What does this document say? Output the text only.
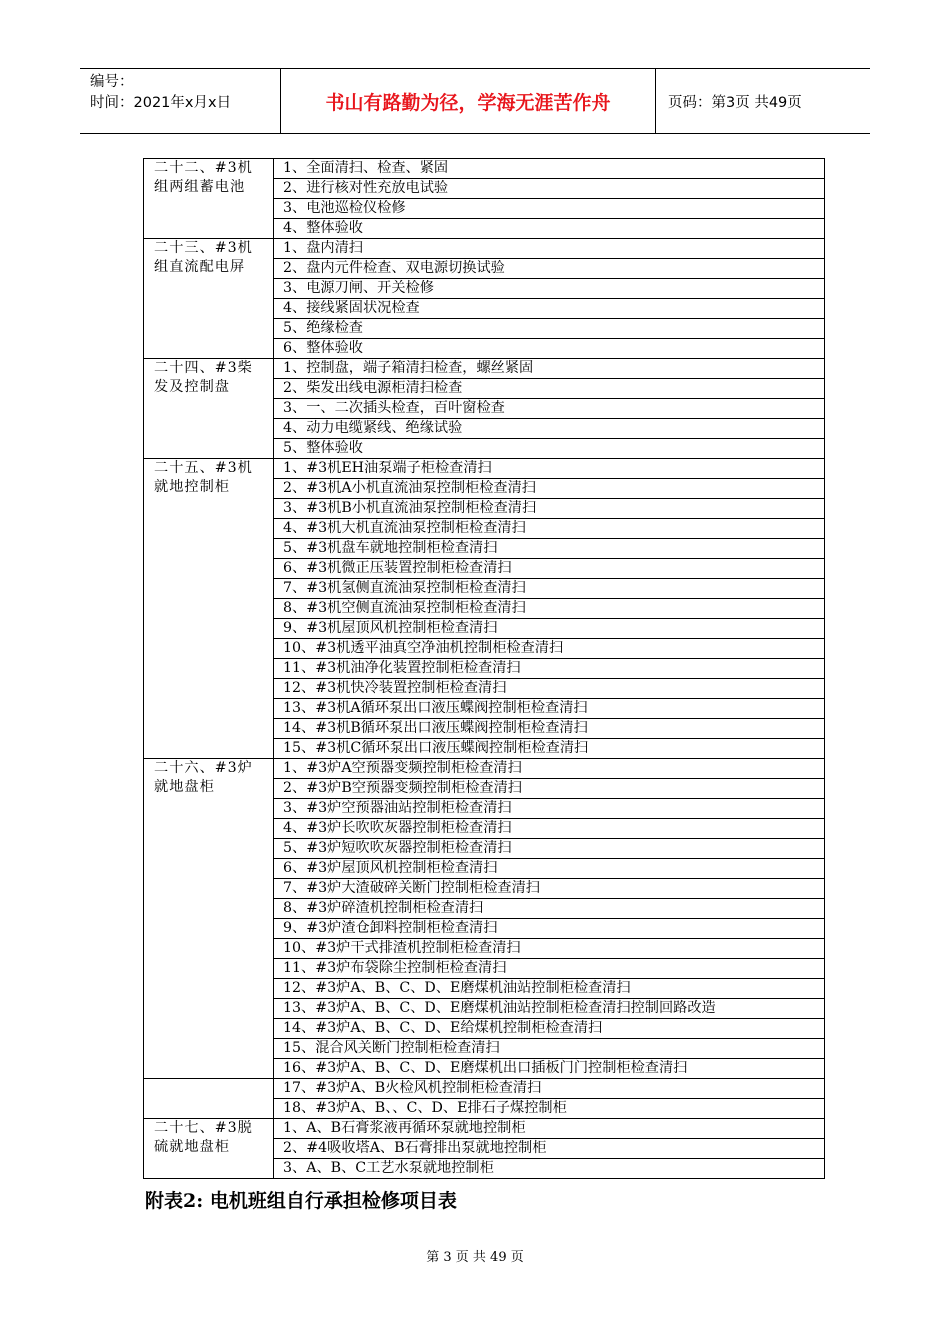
编号：
时间：2021年x月x日	书山有路勤为径，学海无涯苦作舟	页码：第3页 共49页
二十二、#3机组两组蓄电池	1、全面清扫、检查、紧固
	2、进行核对性充放电试验
	3、电池巡检仪检修
	4、整体验收
二十三、#3机组直流配电屏	1、盘内清扫
	2、盘内元件检查、双电源切换试验
	3、电源刀闸、开关检修
	4、接线紧固状况检查
	5、绝缘检查
	6、整体验收
二十四、#3柴发及控制盘	1、控制盘，端子箱清扫检查，螺丝紧固
	2、柴发出线电源柜清扫检查
	3、一、二次插头检查，百叶窗检查
	4、动力电缆紧线、绝缘试验
	5、整体验收
二十五、#3机就地控制柜	1、#3机EH油泵端子柜检查清扫
	2、#3机A小机直流油泵控制柜检查清扫
	3、#3机B小机直流油泵控制柜检查清扫
	4、#3机大机直流油泵控制柜检查清扫
	5、#3机盘车就地控制柜检查清扫
	6、#3机微正压装置控制柜检查清扫
	7、#3机氢侧直流油泵控制柜检查清扫
	8、#3机空侧直流油泵控制柜检查清扫
	9、#3机屋顶风机控制柜检查清扫
	10、#3机透平油真空净油机控制柜检查清扫
	11、#3机油净化装置控制柜检查清扫
	12、#3机快冷装置控制柜检查清扫
	13、#3机A循环泵出口液压蝶阀控制柜检查清扫
	14、#3机B循环泵出口液压蝶阀控制柜检查清扫
	15、#3机C循环泵出口液压蝶阀控制柜检查清扫
二十六、#3炉就地盘柜	1、#3炉A空预器变频控制柜检查清扫
	2、#3炉B空预器变频控制柜检查清扫
	3、#3炉空预器油站控制柜检查清扫
	4、#3炉长吹吹灰器控制柜检查清扫
	5、#3炉短吹吹灰器控制柜检查清扫
	6、#3炉屋顶风机控制柜检查清扫
	7、#3炉大渣破碎关断门控制柜检查清扫
	8、#3炉碎渣机控制柜检查清扫
	9、#3炉渣仓卸料控制柜检查清扫
	10、#3炉干式排渣机控制柜检查清扫
	11、#3炉布袋除尘控制柜检查清扫
	12、#3炉A、B、C、D、E磨煤机油站控制柜检查清扫
	13、#3炉A、B、C、D、E磨煤机油站控制柜检查清扫控制回路改造
	14、#3炉A、B、C、D、E给煤机控制柜检查清扫
	15、混合风关断门控制柜检查清扫
	16、#3炉A、B、C、D、E磨煤机出口插板门门控制柜检查清扫
	17、#3炉A、B火检风机控制柜检查清扫
	18、#3炉A、B、、C、D、E排石子煤控制柜
二十七、#3脱硫就地盘柜	1、A、B石膏浆液再循环泵就地控制柜
	2、#4吸收塔A、B石膏排出泵就地控制柜
	3、A、B、C工艺水泵就地控制柜
附表2: 电机班组自行承担检修项目表
第 3 页 共 49 页
